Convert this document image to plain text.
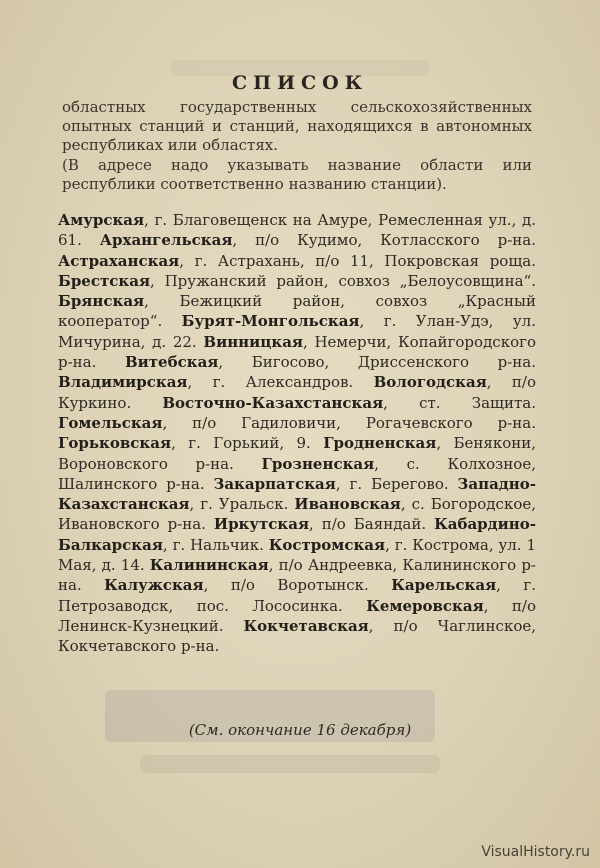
СПИСОК

областных государственных сельскохозяйственных опытных станций и станций, находящихся в автономных республиках или областях.

(В адресе надо указывать название области или республики соответственно названию станции).

Амурская, г. Благовещенск на Амуре, Ремесленная ул., д. 61. Архангельская, п/о Кудимо, Котласского р-на. Астраханская, г. Астрахань, п/о 11, Покровская роща. Брестская, Пружанский район, совхоз „Белоусовщина“. Брянская, Бежицкий район, совхоз „Красный кооператор“. Бурят-Монгольская, г. Улан-Удэ, ул. Мичурина, д. 22. Винницкая, Немерчи, Копайгородского р-на. Витебская, Бигосово, Дриссенского р-на. Владимирская, г. Александров. Вологодская, п/о Куркино. Восточно-Казахстанская, ст. Защита. Гомельская, п/о Гадиловичи, Рогачевского р-на. Горьковская, г. Горький, 9. Гродненская, Бенякони, Вороновского р-на. Грозненская, с. Колхозное, Шалинского р-на. Закарпатская, г. Берегово. Западно-Казахстанская, г. Уральск. Ивановская, с. Богородское, Ивановского р-на. Иркутская, п/о Баяндай. Кабардино-Балкарская, г. Нальчик. Костромская, г. Кострома, ул. 1 Мая, д. 14. Калининская, п/о Андреевка, Калининского р-на. Калужская, п/о Воротынск. Карельская, г. Петрозаводск, пос. Лососинка. Кемеровская, п/о Ленинск-Кузнецкий. Кокчетавская, п/о Чаглинское, Кокчетавского р-на.
(См. окончание 16 декабря)
VisualHistory.ru
